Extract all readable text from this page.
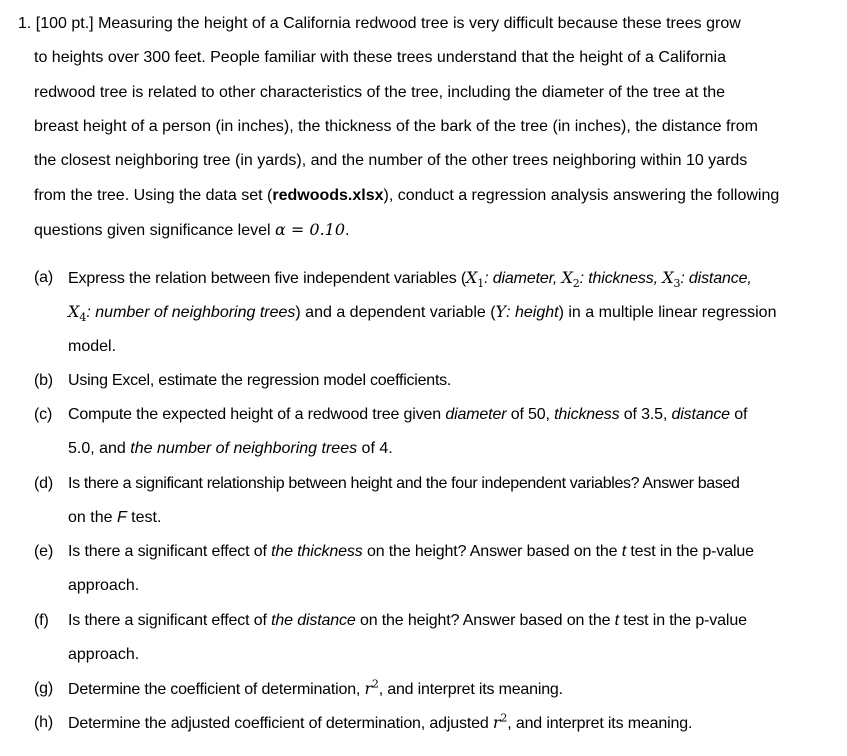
1. [100 pt.] Measuring the height of a California redwood tree is very difficult because these trees grow
to heights over 300 feet. People familiar with these trees understand that the height of a California
redwood tree is related to other characteristics of the tree, including the diameter of the tree at the
breast height of a person (in inches), the thickness of the bark of the tree (in inches), the distance from
the closest neighboring tree (in yards), and the number of the other trees neighboring within 10 yards
from the tree. Using the data set (redwoods.xlsx), conduct a regression analysis answering the following
questions given significance level α = 0.10.
(a) Express the relation between five independent variables ($X_1$: diameter, $X_2$: thickness, $X_3$: distance,
$X_4$: number of neighboring trees) and a dependent variable (Y: height) in a multiple linear regression
model.
(b) Using Excel, estimate the regression model coefficients.
(c) Compute the expected height of a redwood tree given diameter of 50, thickness of 3.5, distance of
5.0, and the number of neighboring trees of 4.
(d) Is there a significant relationship between height and the four independent variables? Answer based
on the F test.
(e) Is there a significant effect of the thickness on the height? Answer based on the t test in the p-value
approach.
(f)	Is there a significant effect of the distance on the height? Answer based on the t test in the p-value
approach.
(g) Determine the coefficient of determination, $r^2$, and interpret its meaning.
(h) Determine the adjusted coefficient of determination, adjusted $r^2$, and interpret its meaning.
